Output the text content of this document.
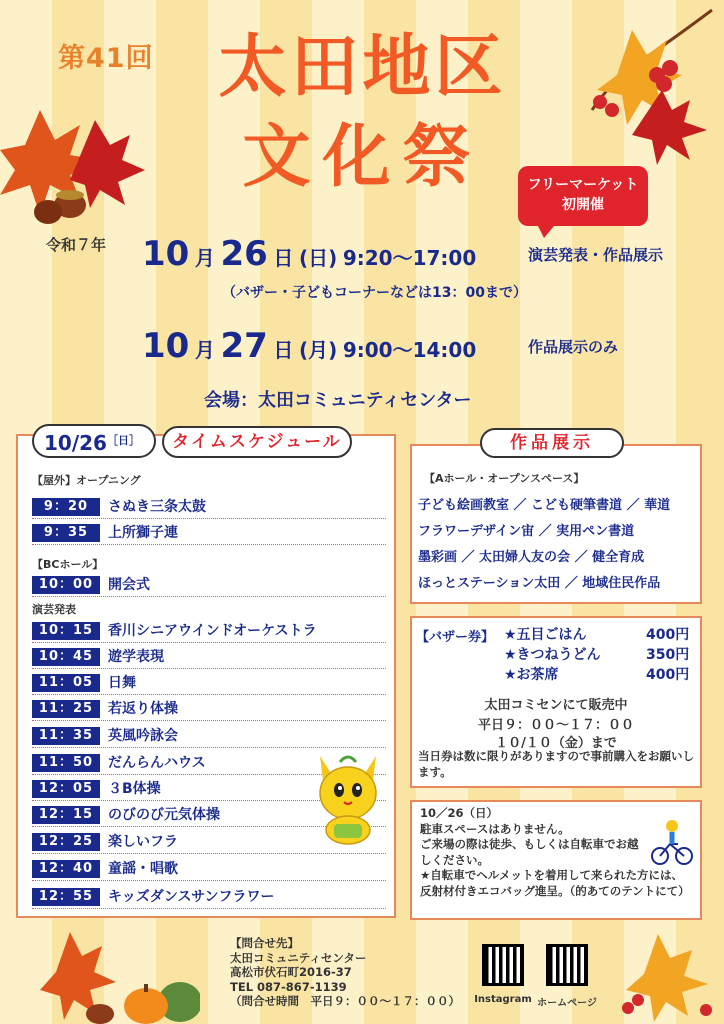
第41回 太田地区
文化祭	フリーマーケット
初開催
令和７年 10 月 26 日 (日) 9:20〜17:00	演芸発表・作品展示
（バザー・子どもコーナーなどは13：00まで）
10 月 27 日 (月) 9:00〜14:00	作品展示のみ
会場：太田コミュニティセンター
$10/26^{[日]}$	タイムスケジュール
【屋外】オープニング
9：20	さぬき三条太鼓
9：35	上所獅子連
【BCホール】
10：00	開会式
演芸発表
10：15	香川シニアウインドオーケストラ
10：45	遊学表現
11：05	日舞
11：25	若返り体操
11：35	英風吟詠会
11：50	だんらんハウス
12：05	３B体操
12：15	のびのび元気体操
12：25	楽しいフラ
12：40	童謡・唱歌
12：55	キッズダンスサンフラワー
作品展示
【Aホール・オープンスペース】
子ども絵画教室 ／ こども硬筆書道 ／ 華道
フラワーデザイン宙 ／ 実用ペン書道
墨彩画 ／ 太田婦人友の会 ／ 健全育成
ほっとステーション太田 ／ 地域住民作品
【バザー券】 ★五目ごはん	400円
★きつねうどん	350円
★お茶席	400円
太田コミセンにて販売中
平日９：００〜１７：００
１０/１０（金）まで
当日券は数に限りがありますので事前購入をお願いします。
10／26（日）
駐車スペースはありません。
ご来場の際は徒歩、もしくは自転車でお越しください。
★自転車でヘルメットを着用して来られた方には、反射材付きエコバッグ進呈。（的あてのテントにて）
【問合せ先】
太田コミュニティセンター
高松市伏石町2016-37
TEL 087-867-1139
（問合せ時間　平日９：００〜１７：００）	Instagram ホームページ
